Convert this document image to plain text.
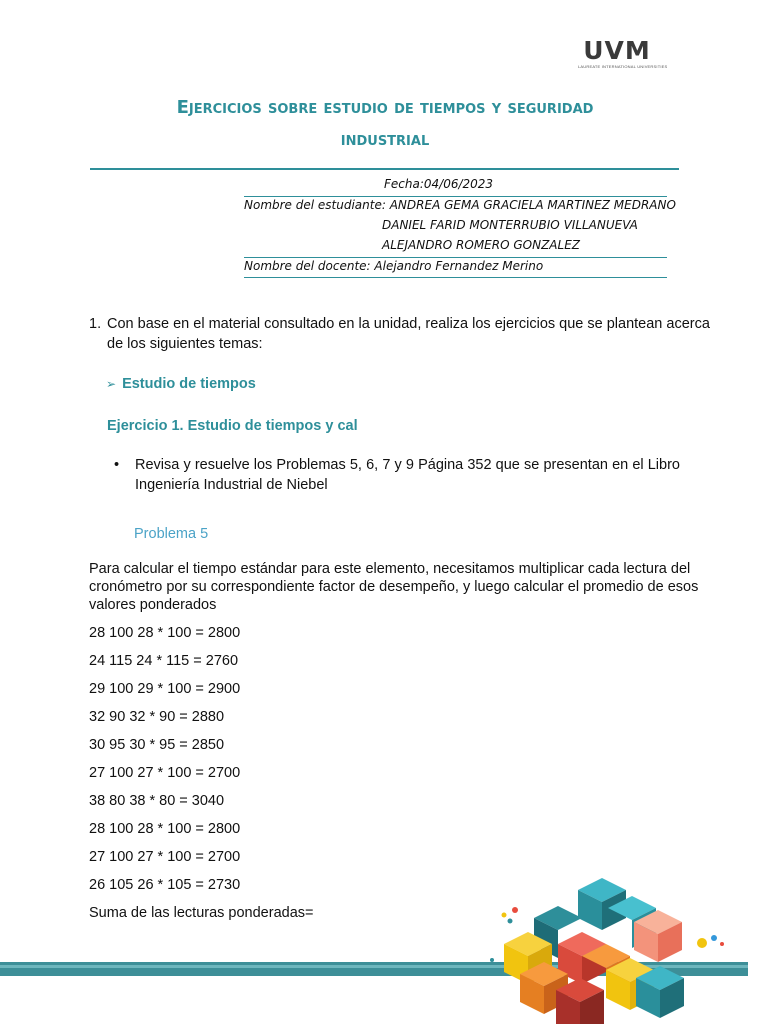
UVM
LAUREATE INTERNATIONAL UNIVERSITIES
Ejercicios sobre estudio de tiempos y seguridad
industrial
Fecha:04/06/2023
Nombre del estudiante: ANDREA GEMA GRACIELA MARTINEZ MEDRANO
DANIEL FARID MONTERRUBIO VILLANUEVA
ALEJANDRO ROMERO GONZALEZ
Nombre del docente: Alejandro Fernandez Merino
1. Con base en el material consultado en la unidad, realiza los ejercicios que se plantean acerca
de los siguientes temas:
➢ Estudio de tiempos
Ejercicio 1. Estudio de tiempos y cal
• Revisa y resuelve los Problemas 5, 6, 7 y 9 Página 352 que se presentan en el Libro
Ingeniería Industrial de Niebel
Problema 5
Para calcular el tiempo estándar para este elemento, necesitamos multiplicar cada lectura del
cronómetro por su correspondiente factor de desempeño, y luego calcular el promedio de esos
valores ponderados
28 100 28 * 100 = 2800
24 115 24 * 115 = 2760
29 100 29 * 100 = 2900
32 90 32 * 90 = 2880
30 95 30 * 95 = 2850
27 100 27 * 100 = 2700
38 80 38 * 80 = 3040
28 100 28 * 100 = 2800
27 100 27 * 100 = 2700
26 105 26 * 105 = 2730
Suma de las lecturas ponderadas=
